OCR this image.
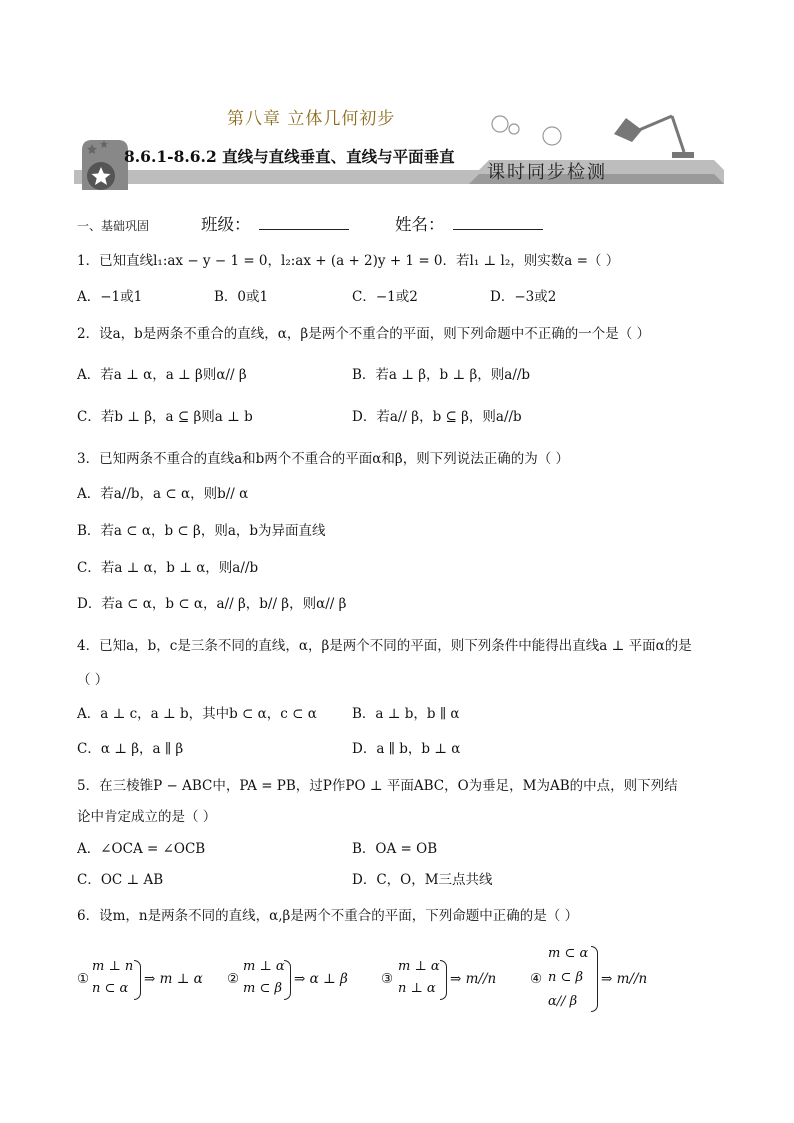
第八章 立体几何初步
8.6.1-8.6.2 直线与直线垂直、直线与平面垂直
课时同步检测
一、基础巩固	班级：	姓名：
1．已知直线l₁:ax − y − 1 = 0，l₂:ax + (a + 2)y + 1 = 0．若l₁ ⊥ l₂，则实数a =（ ）
A．−1或1	B．0或1	C．−1或2	D．−3或2
2．设a，b是两条不重合的直线，α，β是两个不重合的平面，则下列命题中不正确的一个是（ ）
A．若a ⊥ α，a ⊥ β则α// β	B．若a ⊥ β，b ⊥ β，则a//b
C．若b ⊥ β，a ⊆ β则a ⊥ b	D．若a// β，b ⊆ β，则a//b
3．已知两条不重合的直线a和b两个不重合的平面α和β，则下列说法正确的为（ ）
A．若a//b，a ⊂ α，则b// α
B．若a ⊂ α，b ⊂ β，则a，b为异面直线
C．若a ⊥ α，b ⊥ α，则a//b
D．若a ⊂ α，b ⊂ α，a// β，b// β，则α// β
4．已知a，b，c是三条不同的直线，α，β是两个不同的平面，则下列条件中能得出直线a ⊥ 平面α的是
（ ）
A．a ⊥ c，a ⊥ b，其中b ⊂ α，c ⊂ α	B．a ⊥ b，b ∥ α
C．α ⊥ β，a ∥ β	D．a ∥ b，b ⊥ α
5．在三棱锥P − ABC中，PA = PB，过P作PO ⊥ 平面ABC，O为垂足，M为AB的中点，则下列结
论中肯定成立的是（ ）
A．∠OCA = ∠OCB	B．OA = OB
C．OC ⊥ AB	D．C，O，M三点共线
6．设m，n是两条不同的直线，α,β是两个不重合的平面，下列命题中正确的是（ ）
①
m ⊥ n
n ⊂ α
⇒ m ⊥ α ②
m ⊥ α
m ⊂ β
⇒ α ⊥ β ③
m ⊥ α
n ⊥ α
⇒ m//n	④
m ⊂ α
n ⊂ β
α// β
⇒ m//n
